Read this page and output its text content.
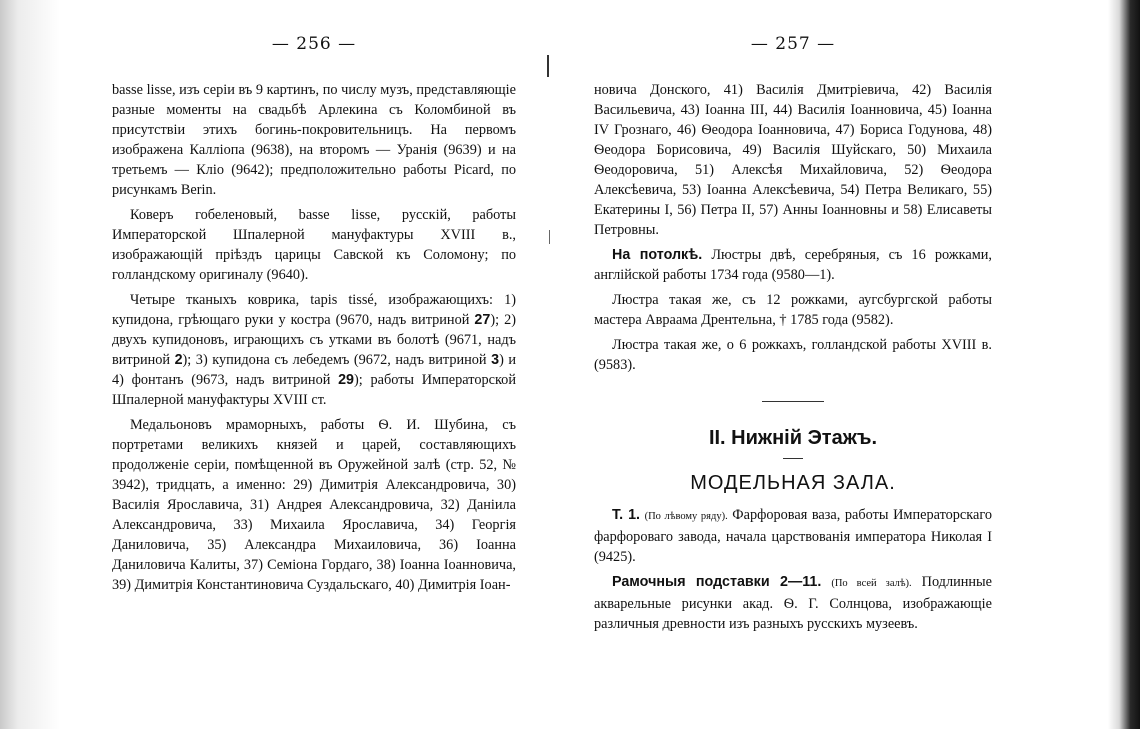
— 256 —

basse lisse, изъ серіи въ 9 картинъ, по числу музъ, представляющіе разные моменты на свадьбѣ Арлекина съ Коломбиной въ присутствіи этихъ богинь-покровительницъ. На первомъ изображена Калліопа (9638), на второмъ — Уранія (9639) и на третьемъ — Кліо (9642); предположительно работы Picard, по рисункамъ Berin.

Коверъ гобеленовый, basse lisse, русскій, работы Императорской Шпалерной мануфактуры XVIII в., изображающій пріѣздъ царицы Савской къ Соломону; по голландскому оригиналу (9640).

Четыре тканыхъ коврика, tapis tissé, изображающихъ: 1) купидона, грѣющаго руки у костра (9670, надъ витриной 27); 2) двухъ купидоновъ, играющихъ съ утками въ болотѣ (9671, надъ витриной 2); 3) купидона съ лебедемъ (9672, надъ витриной 3) и 4) фонтанъ (9673, надъ витриной 29); работы Императорской Шпалерной мануфактуры XVIII ст.

Медальоновъ мраморныхъ, работы Ѳ. И. Шубина, съ портретами великихъ князей и царей, составляющихъ продолженіе серіи, помѣщенной въ Оружейной залѣ (стр. 52, № 3942), тридцать, а именно: 29) Димитрія Александровича, 30) Василія Ярославича, 31) Андрея Александровича, 32) Даніила Александровича, 33) Михаила Ярославича, 34) Георгія Даниловича, 35) Александра Михаиловича, 36) Іоанна Даниловича Калиты, 37) Семіона Гордаго, 38) Іоанна Іоанновича, 39) Димитрія Константиновича Суздальскаго, 40) Димитрія Іоан-

— 257 —

новича Донского, 41) Василія Дмитріевича, 42) Василія Васильевича, 43) Іоанна III, 44) Василія Іоанновича, 45) Іоанна IV Грознаго, 46) Ѳеодора Іоанновича, 47) Бориса Годунова, 48) Ѳеодора Борисовича, 49) Василія Шуйскаго, 50) Михаила Ѳеодоровича, 51) Алексѣя Михайловича, 52) Ѳеодора Алексѣевича, 53) Іоанна Алексѣевича, 54) Петра Великаго, 55) Екатерины I, 56) Петра II, 57) Анны Іоанновны и 58) Елисаветы Петровны.

На потолкѣ. Люстры двѣ, серебряныя, съ 16 рожками, англійской работы 1734 года (9580—1).

Люстра такая же, съ 12 рожками, аугсбургской работы мастера Авраама Дрентельна, † 1785 года (9582).

Люстра такая же, о 6 рожкахъ, голландской работы XVIII в. (9583).

II. Нижній Этажъ.
МОДЕЛЬНАЯ ЗАЛА.

Т. 1. (По лѣвому ряду). Фарфоровая ваза, работы Императорскаго фарфороваго завода, начала царствованія императора Николая I (9425).

Рамочныя подставки 2—11. (По всей залѣ). Подлинные акварельные рисунки акад. Ѳ. Г. Солнцова, изображающіе различныя древности изъ разныхъ русскихъ музеевъ.
